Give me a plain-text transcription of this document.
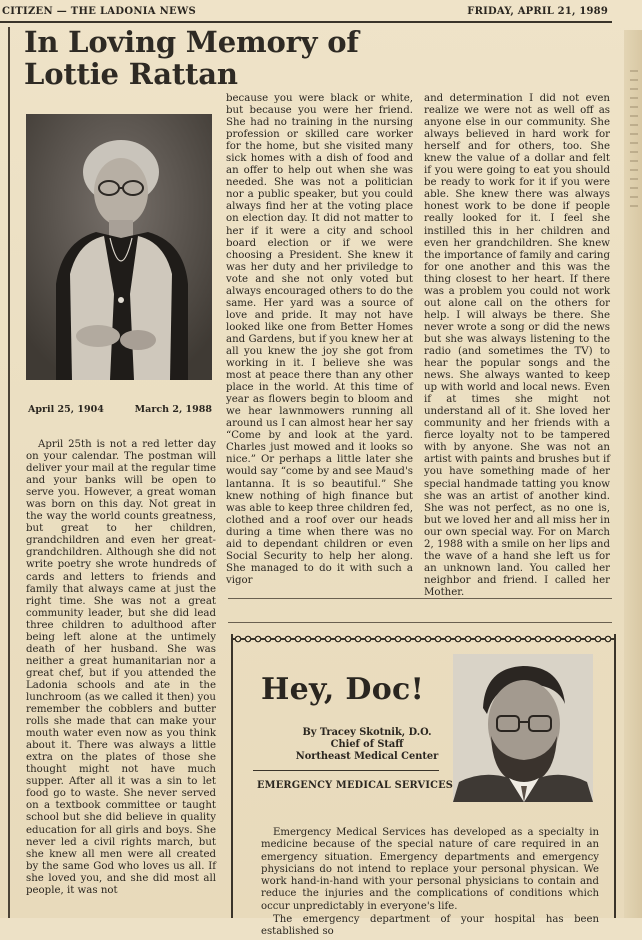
CITIZEN — THE LADONIA NEWS	FRIDAY, APRIL 21, 1989
In Loving Memory of
Lottie Rattan
April 25, 1904	March 2, 1988

April 25th is not a red letter day on your calendar. The postman will deliver your mail at the regular time and your banks will be open to serve you. However, a great woman was born on this day. Not great in the way the world counts greatness, but great to her children, grandchildren and even her great-grandchildren. Although she did not write poetry she wrote hundreds of cards and letters to friends and family that always came at just the right time. She was not a great community leader, but she did lead three children to adulthood after being left alone at the untimely death of her husband. She was neither a great humanitarian nor a great chef, but if you attended the Ladonia schools and ate in the lunchroom (as we called it then) you remember the cobblers and butter rolls she made that can make your mouth water even now as you think about it. There was always a little extra on the plates of those she thought might not have much supper. After all it was a sin to let food go to waste. She never served on a textbook committee or taught school but she did believe in quality education for all girls and boys. She never led a civil rights march, but she knew all men were all created by the same God who loves us all. If she loved you, and she did most all people, it was not

because you were black or white, but because you were her friend. She had no training in the nursing profession or skilled care worker for the home, but she visited many sick homes with a dish of food and an offer to help out when she was needed. She was not a politician nor a public speaker, but you could always find her at the voting place on election day. It did not matter to her if it were a city and school board election or if we were choosing a President. She knew it was her duty and her priviledge to vote and she not only voted but always encouraged others to do the same. Her yard was a source of love and pride. It may not have looked like one from Better Homes and Gardens, but if you knew her at all you knew the joy she got from working in it. I believe she was most at peace there than any other place in the world. At this time of year as flowers begin to bloom and we hear lawnmowers running all around us I can almost hear her say “Come by and look at the yard. Charles just mowed and it looks so nice.” Or perhaps a little later she would say “come by and see Maud's lantanna. It is so beautiful.” She knew nothing of high finance but was able to keep three children fed, clothed and a roof over our heads during a time when there was no aid to dependant children or even Social Security to help her along. She managed to do it with such a vigor

and determination I did not even realize we were not as well off as anyone else in our community. She always believed in hard work for herself and for others, too. She knew the value of a dollar and felt if you were going to eat you should be ready to work for it if you were able. She knew there was always honest work to be done if people really looked for it. I feel she instilled this in her children and even her grandchildren. She knew the importance of family and caring for one another and this was the thing closest to her heart. If there was a problem you could not work out alone call on the others for help. I will always be there. She never wrote a song or did the news but she was always listening to the radio (and sometimes the TV) to hear the popular songs and the news. She always wanted to keep up with world and local news. Even if at times she might not understand all of it. She loved her community and her friends with a fierce loyalty not to be tampered with by anyone. She was not an artist with paints and brushes but if you have something made of her special handmade tatting you know she was an artist of another kind. She was not perfect, as no one is, but we loved her and all miss her in our own special way. For on March 2, 1988 with a smile on her lips and the wave of a hand she left us for an unknown land. You called her neighbor and friend. I called her Mother.

Hey, Doc!
By Tracey Skotnik, D.O.
Chief of Staff
Northeast Medical Center
EMERGENCY MEDICAL SERVICES

Emergency Medical Services has developed as a specialty in medicine because of the special nature of care required in an emergency situation. Emergency departments and emergency physicians do not intend to replace your personal physican. We work hand-in-hand with your personal physicians to contain and reduce the injuries and the complications of conditions which occur unpredictably in everyone's life.

The emergency department of your hospital has been established so
